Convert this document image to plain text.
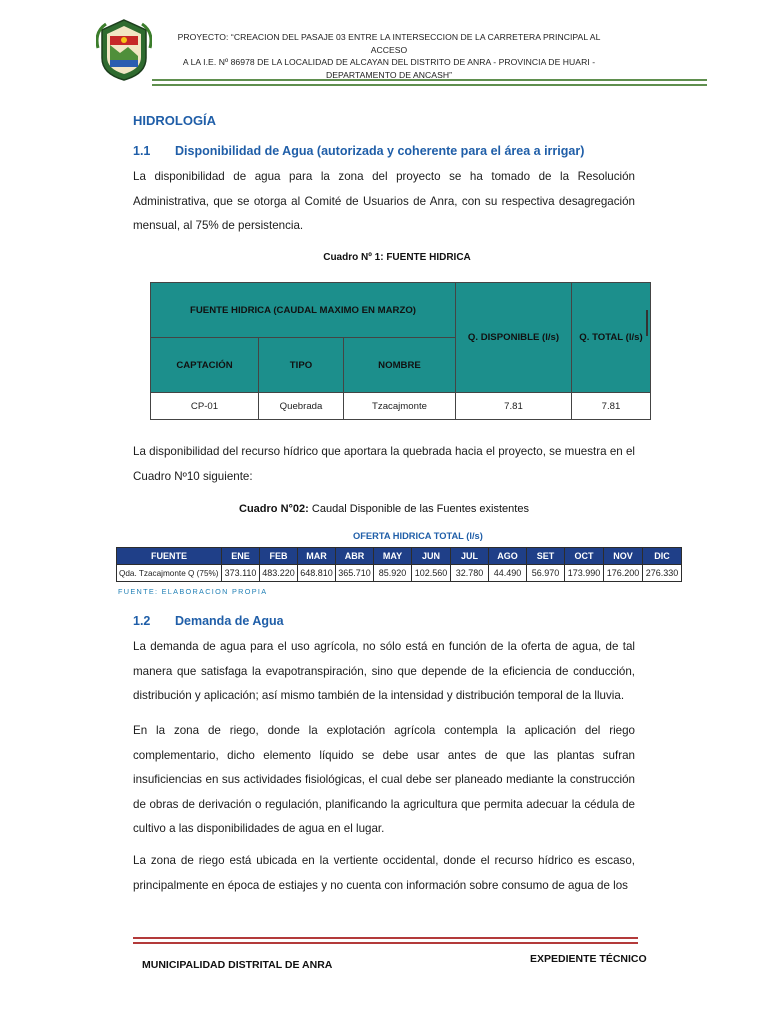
PROYECTO: “CREACION DEL PASAJE 03 ENTRE LA INTERSECCION DE LA CARRETERA PRINCIPAL AL ACCESO
A LA I.E. Nº 86978 DE LA LOCALIDAD DE ALCAYAN DEL DISTRITO DE ANRA - PROVINCIA DE HUARI -
DEPARTAMENTO DE ANCASH”
HIDROLOGÍA
1.1 Disponibilidad de Agua (autorizada y coherente para el área a irrigar)
La disponibilidad de agua para la zona del proyecto se ha tomado de la Resolución Administrativa, que se otorga al Comité de Usuarios de Anra, con su respectiva desagregación mensual, al 75% de persistencia.
Cuadro Nº 1: FUENTE HIDRICA
FUENTE HIDRICA (CAUDAL MAXIMO EN MARZO)			Q. DISPONIBLE (l/s)	Q. TOTAL (l/s)
CAPTACIÓN	TIPO	NOMBRE		
CP-01	Quebrada	Tzacajmonte	7.81	7.81
La disponibilidad del recurso hídrico que aportara la quebrada hacia el proyecto, se muestra en el Cuadro Nº10 siguiente:
Cuadro N°02: Caudal Disponible de las Fuentes existentes
OFERTA HIDRICA TOTAL (l/s)
FUENTE	ENE	FEB	MAR	ABR	MAY	JUN	JUL	AGO	SET	OCT	NOV	DIC
Qda. Tzacajmonte Q (75%)	373.110	483.220	648.810	365.710	85.920	102.560	32.780	44.490	56.970	173.990	176.200	276.330
FUENTE: ELABORACION PROPIA
1.2 Demanda de Agua
La demanda de agua para el uso agrícola, no sólo está en función de la oferta de agua, de tal manera que satisfaga la evapotranspiración, sino que depende de la eficiencia de conducción, distribución y aplicación; así mismo también de la intensidad y distribución temporal de la lluvia.
En la zona de riego, donde la explotación agrícola contempla la aplicación del riego complementario, dicho elemento líquido se debe usar antes de que las plantas sufran insuficiencias en sus actividades fisiológicas, el cual debe ser planeado mediante la construcción de obras de derivación o regulación, planificando la agricultura que permita adecuar la cédula de cultivo a las disponibilidades de agua en el lugar.
La zona de riego está ubicada en la vertiente occidental, donde el recurso hídrico es escaso, principalmente en época de estiajes y no cuenta con información sobre consumo de agua de los
MUNICIPALIDAD DISTRITAL DE ANRA	EXPEDIENTE TÉCNICO
